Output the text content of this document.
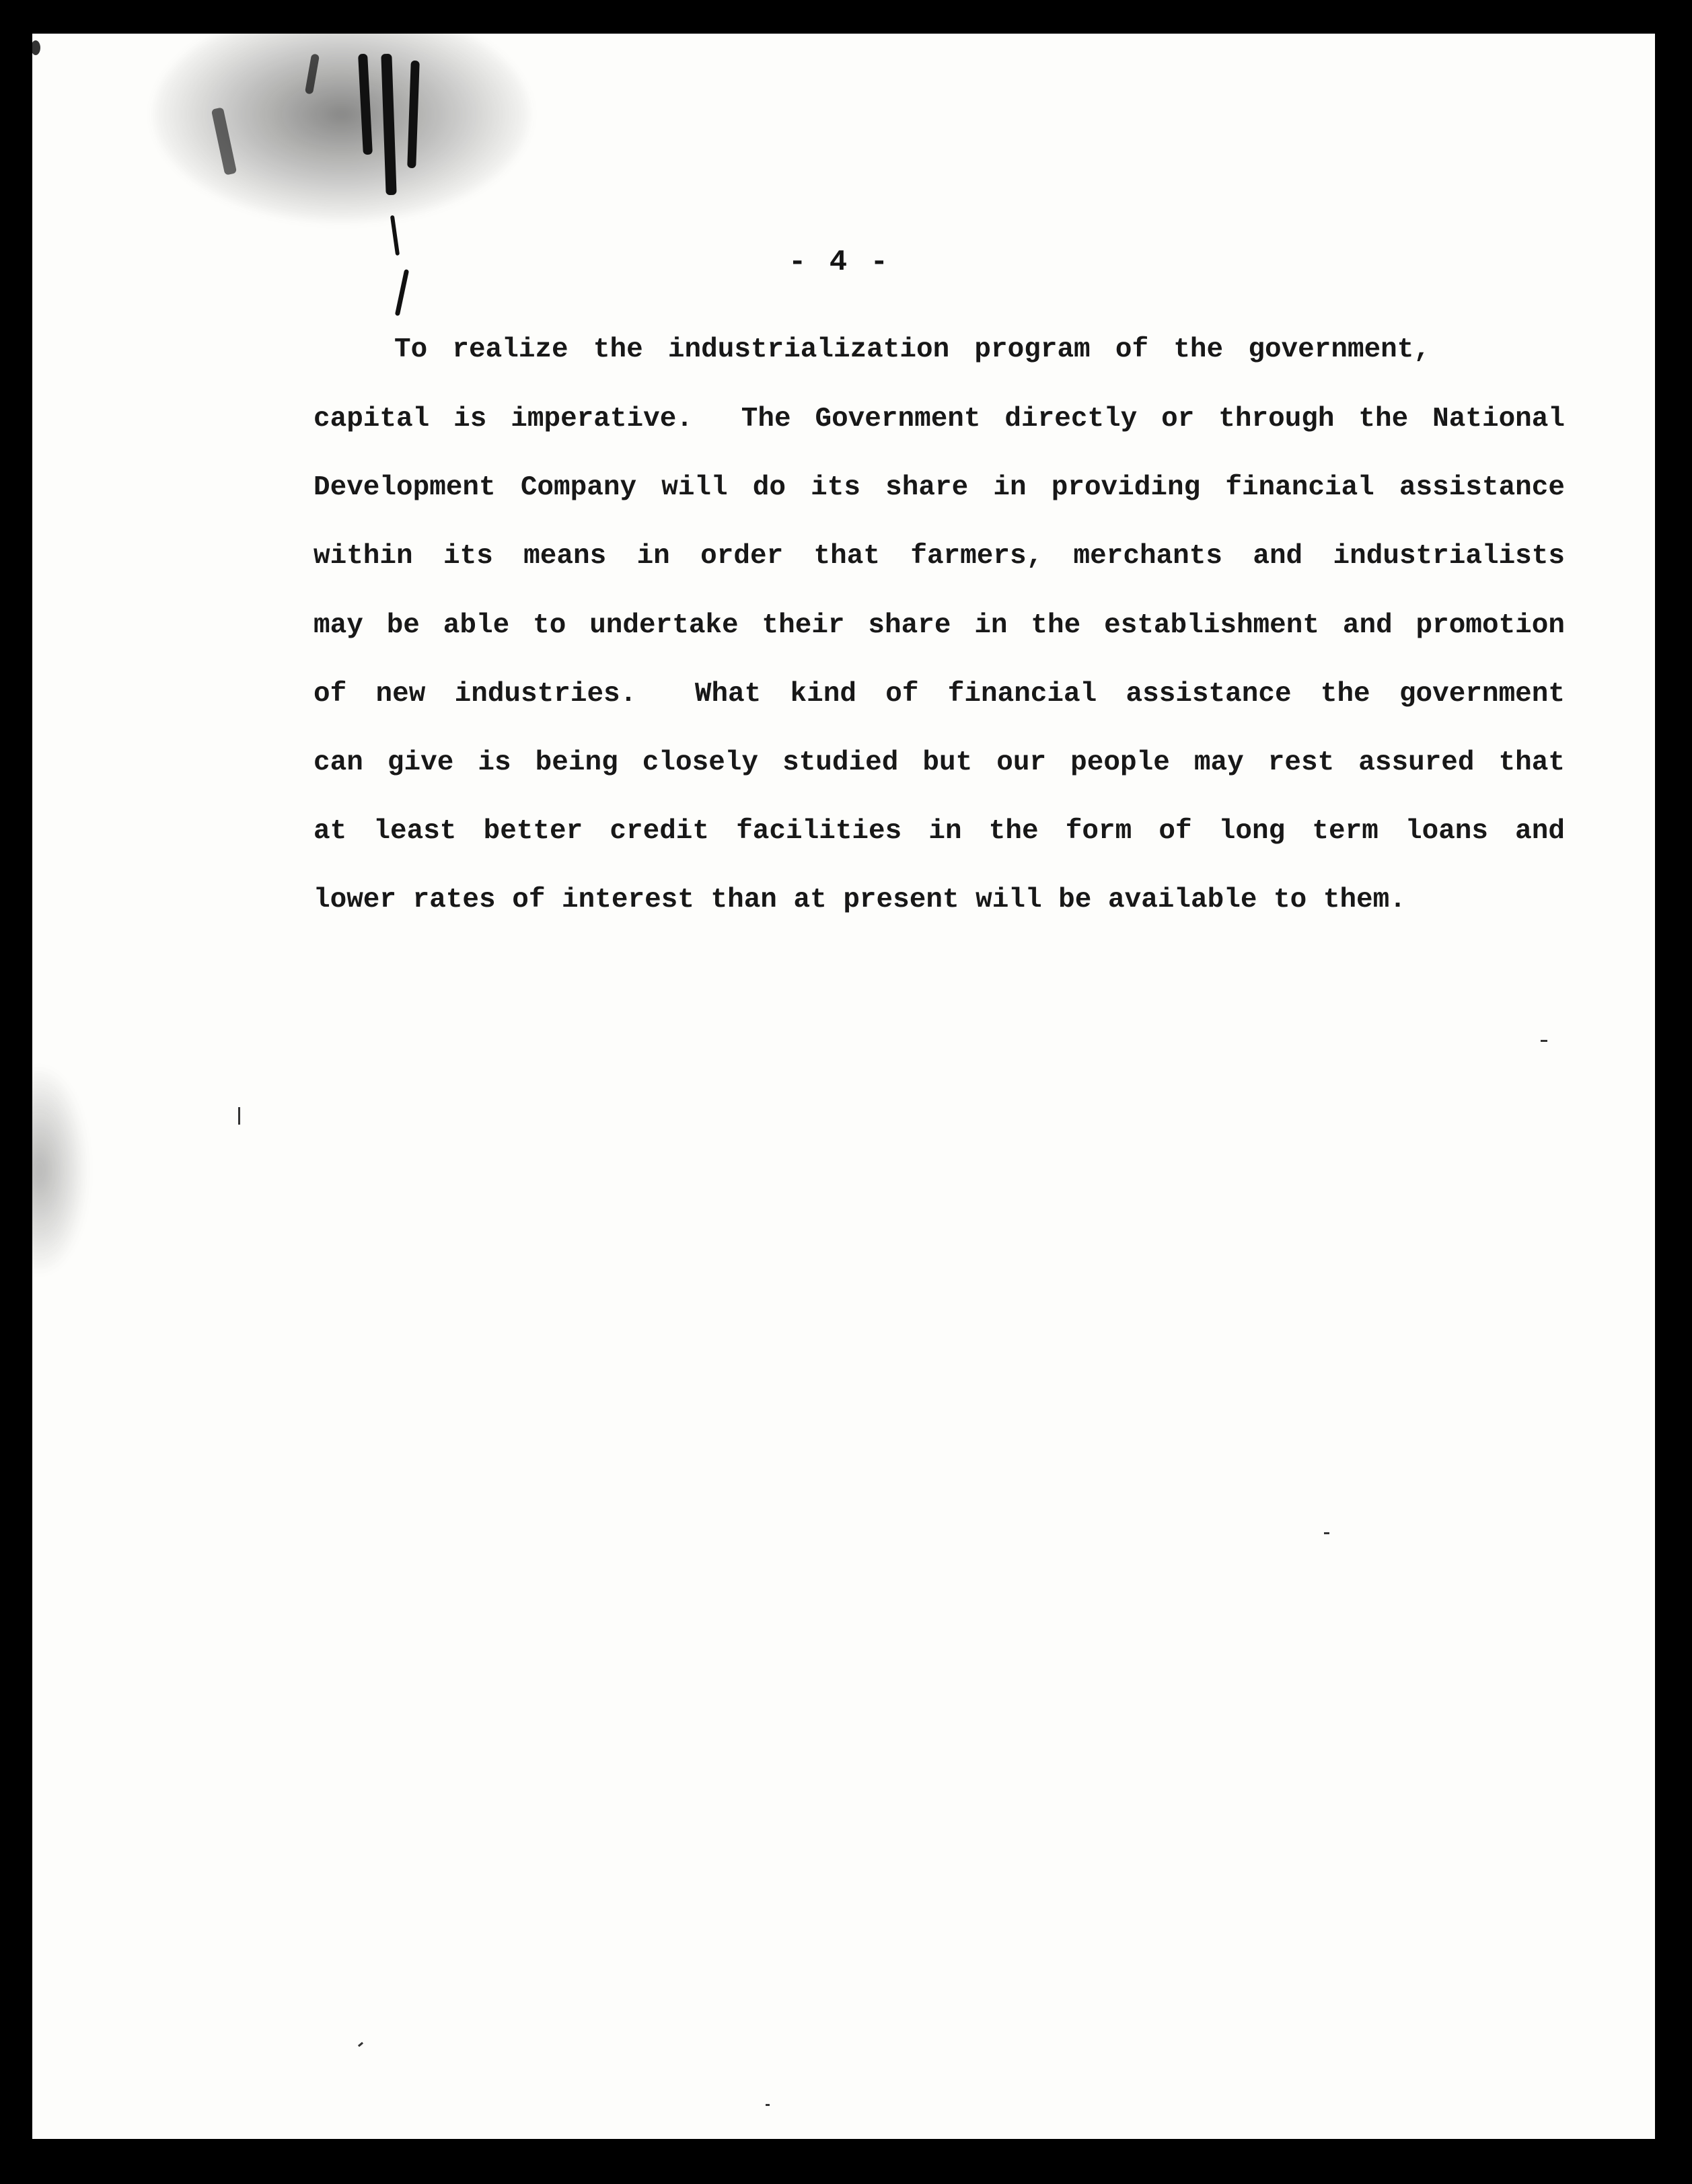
- 4 -
To realize the industrialization program of the government,
capital is imperative.  The Government directly or through the National
Development Company will do its share in providing financial assistance
within its means in order that farmers, merchants and industrialists
may be able to undertake their share in the establishment and promotion
of new industries.  What kind of financial assistance the government
can give is being closely studied but our people may rest assured that
at least better credit facilities in the form of long term loans and
lower rates of interest than at present will be available to them.
